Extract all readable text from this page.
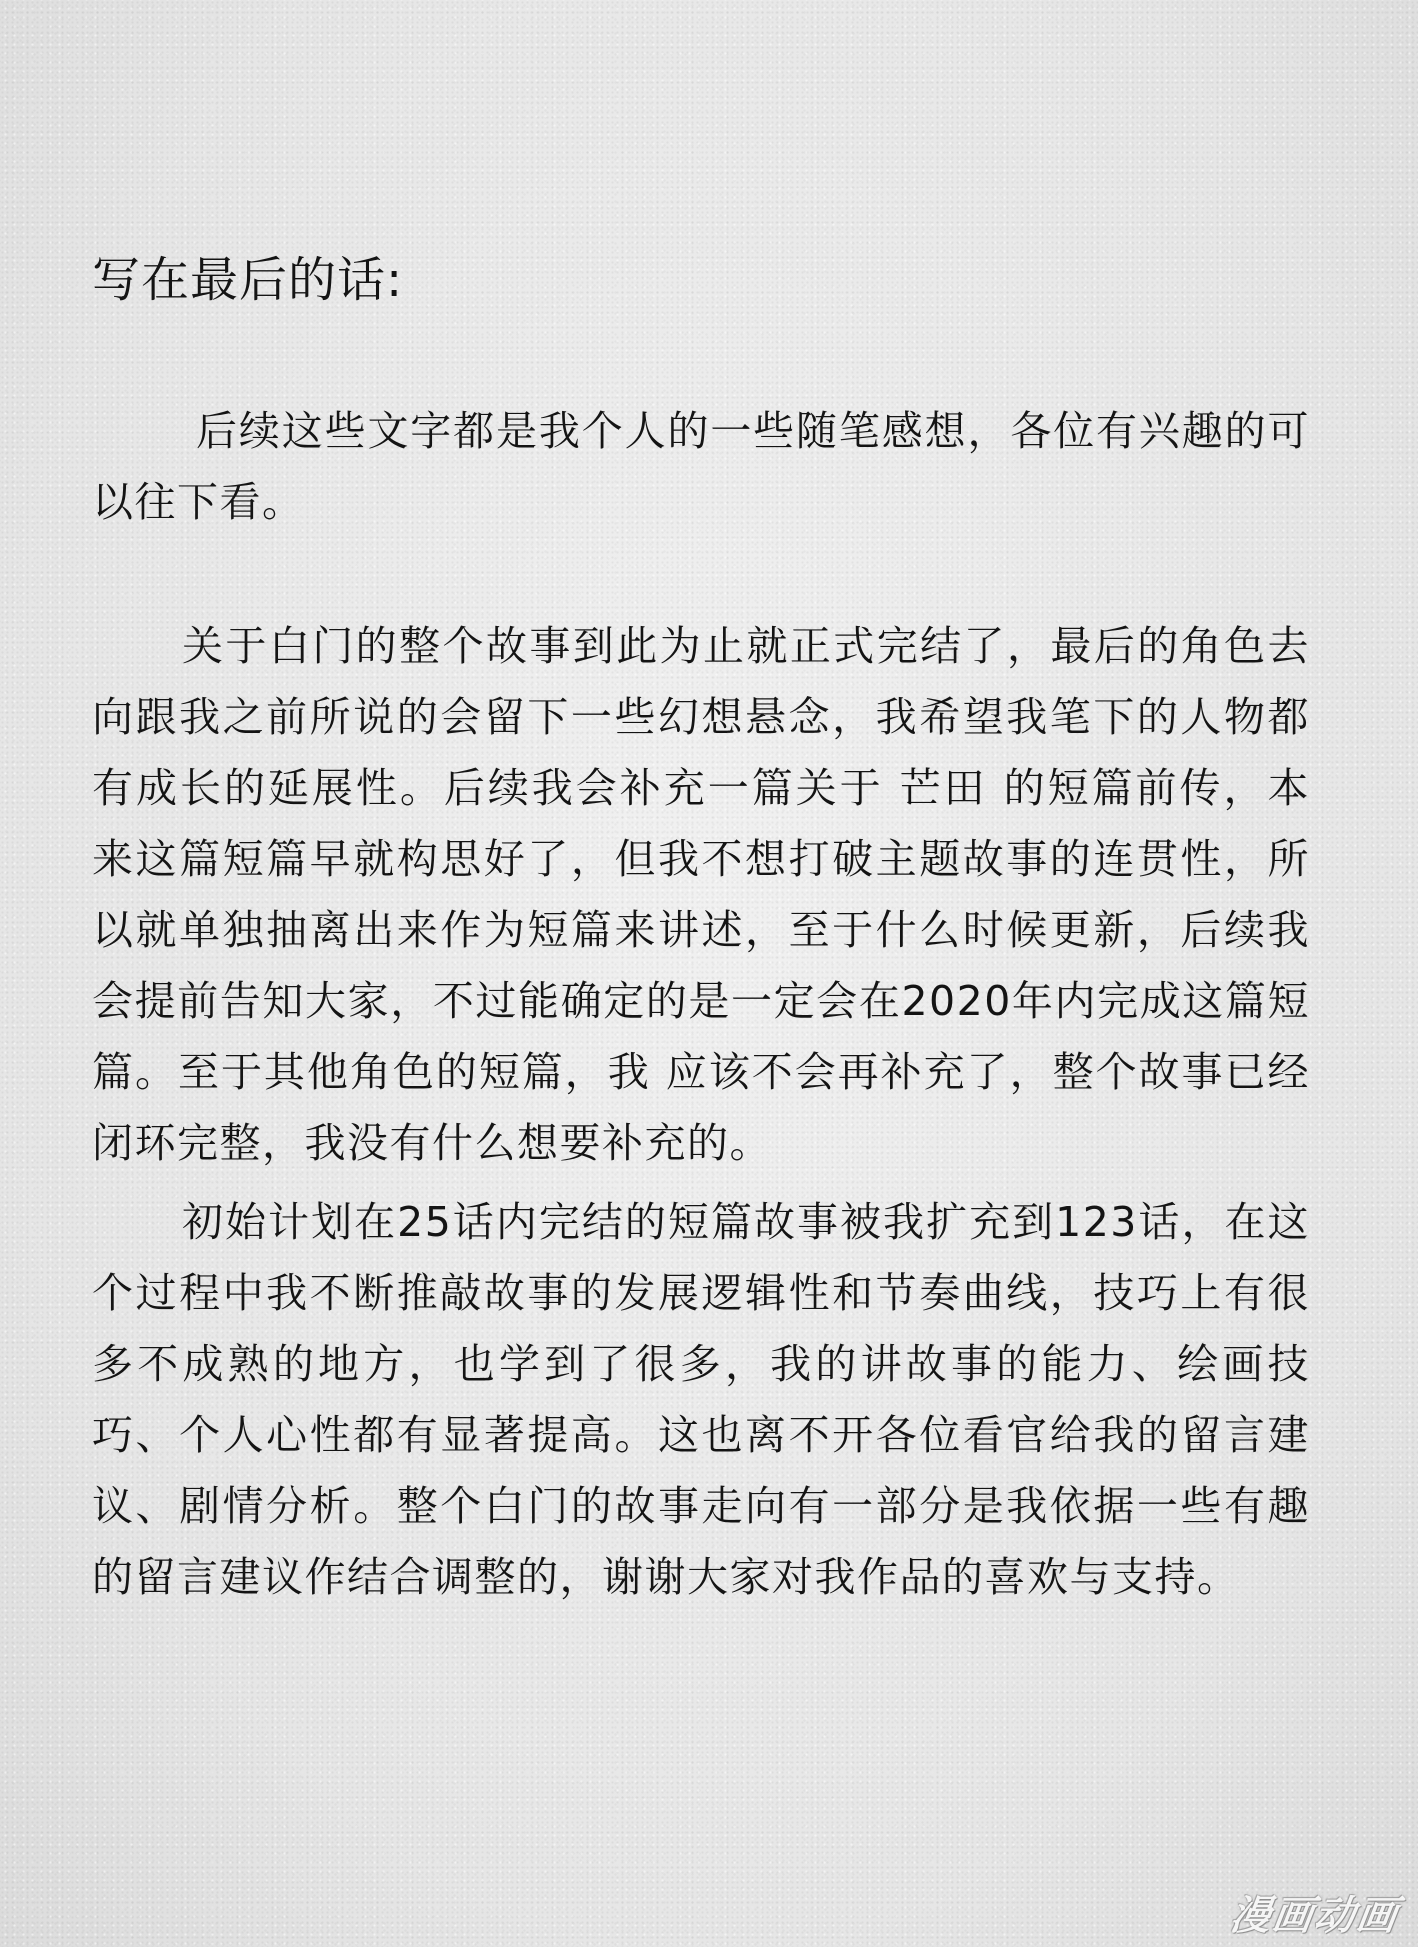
写在最后的话:

后续这些文字都是我个人的一些随笔感想，各位有兴趣的可以往下看。

关于白门的整个故事到此为止就正式完结了，最后的角色去向跟我之前所说的会留下一些幻想悬念，我希望我笔下的人物都有成长的延展性。后续我会补充一篇关于 芒田 的短篇前传，本来这篇短篇早就构思好了，但我不想打破主题故事的连贯性，所以就单独抽离出来作为短篇来讲述，至于什么时候更新，后续我会提前告知大家，不过能确定的是一定会在2020年内完成这篇短篇。至于其他角色的短篇，我 应该不会再补充了，整个故事已经闭环完整，我没有什么想要补充的。

初始计划在25话内完结的短篇故事被我扩充到123话，在这个过程中我不断推敲故事的发展逻辑性和节奏曲线，技巧上有很多不成熟的地方，也学到了很多，我的讲故事的能力、绘画技巧、个人心性都有显著提高。这也离不开各位看官给我的留言建议、剧情分析。整个白门的故事走向有一部分是我依据一些有趣的留言建议作结合调整的，谢谢大家对我作品的喜欢与支持。

漫画动画
